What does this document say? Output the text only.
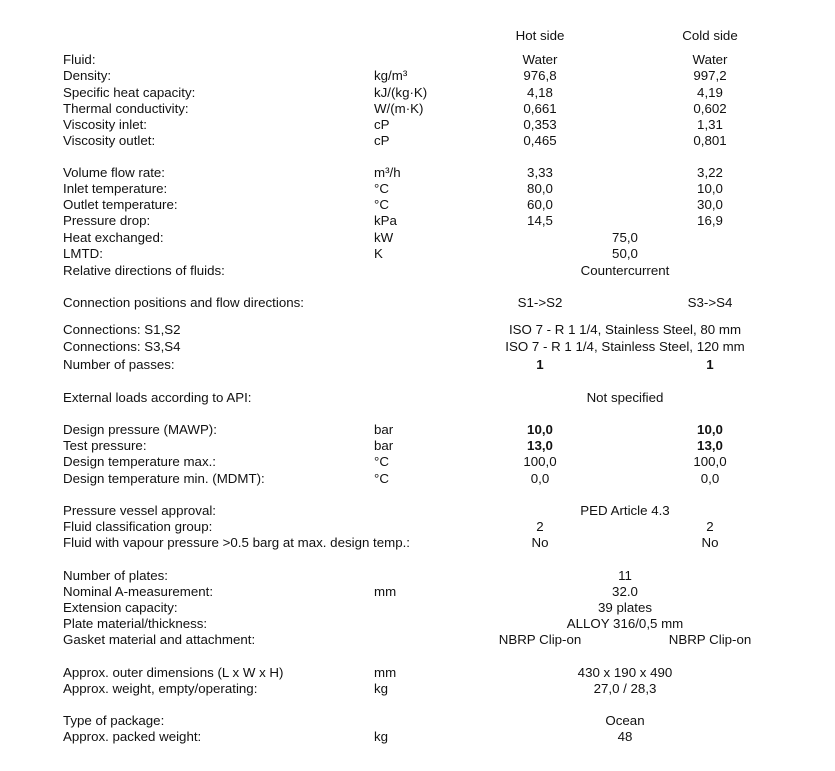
Hot side	Cold side
Fluid:	Water	Water
Density:	kg/m³	976,8	997,2
Specific heat capacity:	kJ/(kg·K)	4,18	4,19
Thermal conductivity:	W/(m·K)	0,661	0,602
Viscosity inlet:	cP	0,353	1,31
Viscosity outlet:	cP	0,465	0,801
Volume flow rate:	m³/h	3,33	3,22
Inlet temperature:	°C	80,0	10,0
Outlet temperature:	°C	60,0	30,0
Pressure drop:	kPa	14,5	16,9
Heat exchanged:	kW	75,0
LMTD:	K	50,0
Relative directions of fluids:	Countercurrent
Connection positions and flow directions:	S1->S2	S3->S4
Connections: S1,S2	ISO 7 - R 1 1/4, Stainless Steel, 80 mm
Connections: S3,S4	ISO 7 - R 1 1/4, Stainless Steel, 120 mm
Number of passes:	1	1
External loads according to API:	Not specified
Design pressure (MAWP):	bar	10,0	10,0
Test pressure:	bar	13,0	13,0
Design temperature max.:	°C	100,0	100,0
Design temperature min. (MDMT):	°C	0,0	0,0
Pressure vessel approval:	PED Article 4.3
Fluid classification group:	2	2
Fluid with vapour pressure >0.5 barg at max. design temp.:	No	No
Number of plates:	11
Nominal A-measurement:	mm	32.0
Extension capacity:	39 plates
Plate material/thickness:	ALLOY 316/0,5 mm
Gasket material and attachment:	NBRP Clip-on	NBRP Clip-on
Approx. outer dimensions (L x W x H)	mm	430 x 190 x 490
Approx. weight, empty/operating:	kg	27,0 / 28,3
Type of package:	Ocean
Approx. packed weight:	kg	48
